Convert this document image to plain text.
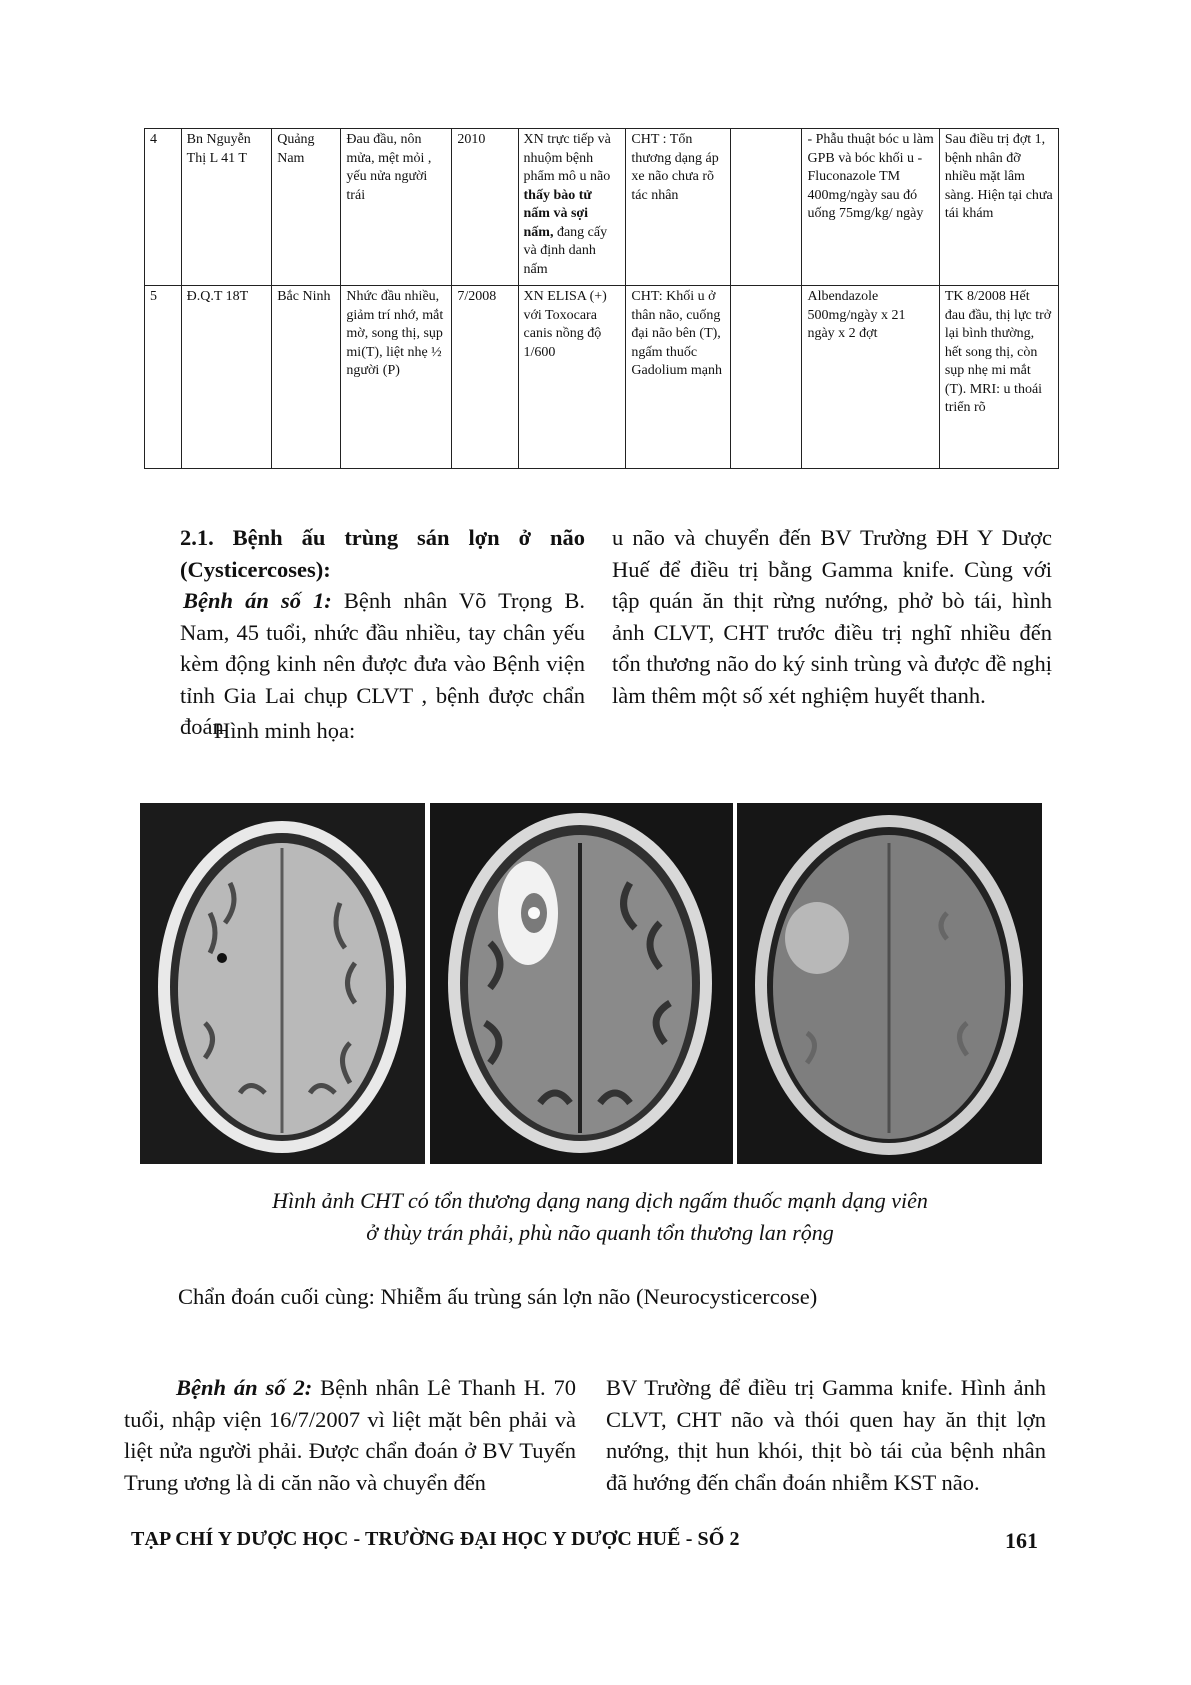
4	Bn Nguyễn Thị L 41 T	Quảng Nam	Đau đầu, nôn mửa, mệt mỏi , yếu nửa người trái	2010	XN trực tiếp và nhuộm bệnh phẩm mô u não thấy bào tử nấm và sợi nấm, đang cấy và định danh nấm	CHT : Tổn thương dạng áp xe não chưa rõ tác nhân		- Phẫu thuật bóc u làm GPB và bóc khối u - Fluconazole TM 400mg/ngày sau đó uống 75mg/kg/ ngày	Sau điều trị đợt 1, bệnh nhân đỡ nhiều mặt lâm sàng. Hiện tại chưa tái khám
5	Đ.Q.T 18T	Bắc Ninh	Nhức đầu nhiều, giảm trí nhớ, mắt mờ, song thị, sụp mi(T), liệt nhẹ ½ người (P)	7/2008	XN ELISA (+) với Toxocara canis nồng độ 1/600	CHT: Khối u ở thân não, cuống đại não bên (T), ngấm thuốc Gadolium mạnh		Albendazole 500mg/ngày x 21 ngày x 2 đợt	TK 8/2008 Hết đau đầu, thị lực trở lại bình thường, hết song thị, còn sụp nhẹ mi mắt (T). MRI: u thoái triển rõ
2.1. Bệnh ấu trùng sán lợn ở não (Cysticercoses):
Bệnh án số 1: Bệnh nhân Võ Trọng B. Nam, 45 tuổi, nhức đầu nhiều, tay chân yếu kèm động kinh nên được đưa vào Bệnh viện tỉnh Gia Lai chụp CLVT , bệnh được chẩn đoán
u não và chuyển đến BV Trường ĐH Y Dược Huế để điều trị bằng Gamma knife. Cùng với tập quán ăn thịt rừng nướng, phở bò tái, hình ảnh CLVT, CHT trước điều trị nghĩ nhiều đến tổn thương não do ký sinh trùng và được đề nghị làm thêm một số xét nghiệm huyết thanh.
Hình minh họa:
Hình ảnh CHT có tổn thương dạng nang dịch ngấm thuốc mạnh dạng viên
ở thùy trán phải, phù não quanh tổn thương lan rộng
Chẩn đoán cuối cùng: Nhiễm ấu trùng sán lợn não (Neurocysticercose)
Bệnh án số 2: Bệnh nhân Lê Thanh H. 70 tuổi, nhập viện 16/7/2007 vì liệt mặt bên phải và liệt nửa người phải. Được chẩn đoán ở BV Tuyến Trung ương là di căn não và chuyển đến
BV Trường để điều trị Gamma knife. Hình ảnh CLVT, CHT não và thói quen hay ăn thịt lợn nướng, thịt hun khói, thịt bò tái của bệnh nhân đã hướng đến chẩn đoán nhiễm KST não.
TẠP CHÍ Y DƯỢC HỌC - TRƯỜNG ĐẠI HỌC Y DƯỢC HUẾ - SỐ 2	161
